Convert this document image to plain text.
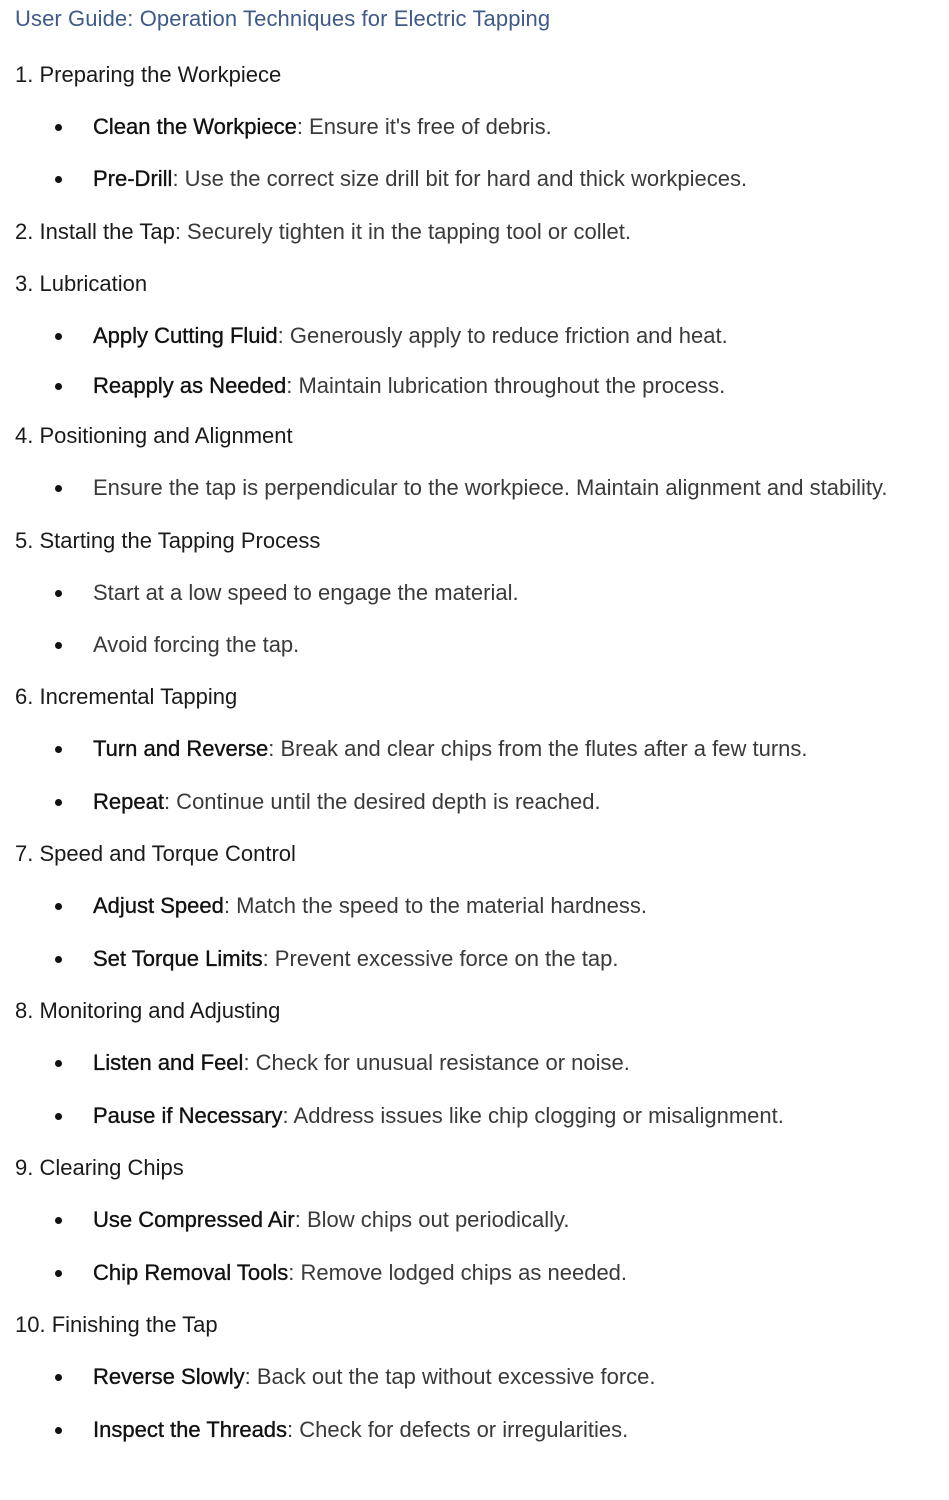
User Guide: Operation Techniques for Electric Tapping
1. Preparing the Workpiece
Clean the Workpiece: Ensure it's free of debris.
Pre-Drill: Use the correct size drill bit for hard and thick workpieces.
2. Install the Tap: Securely tighten it in the tapping tool or collet.
3. Lubrication
Apply Cutting Fluid: Generously apply to reduce friction and heat.
Reapply as Needed: Maintain lubrication throughout the process.
4. Positioning and Alignment
Ensure the tap is perpendicular to the workpiece. Maintain alignment and stability.
5. Starting the Tapping Process
Start at a low speed to engage the material.
Avoid forcing the tap.
6. Incremental Tapping
Turn and Reverse: Break and clear chips from the flutes after a few turns.
Repeat: Continue until the desired depth is reached.
7. Speed and Torque Control
Adjust Speed: Match the speed to the material hardness.
Set Torque Limits: Prevent excessive force on the tap.
8. Monitoring and Adjusting
Listen and Feel: Check for unusual resistance or noise.
Pause if Necessary: Address issues like chip clogging or misalignment.
9. Clearing Chips
Use Compressed Air: Blow chips out periodically.
Chip Removal Tools: Remove lodged chips as needed.
10. Finishing the Tap
Reverse Slowly: Back out the tap without excessive force.
Inspect the Threads: Check for defects or irregularities.
